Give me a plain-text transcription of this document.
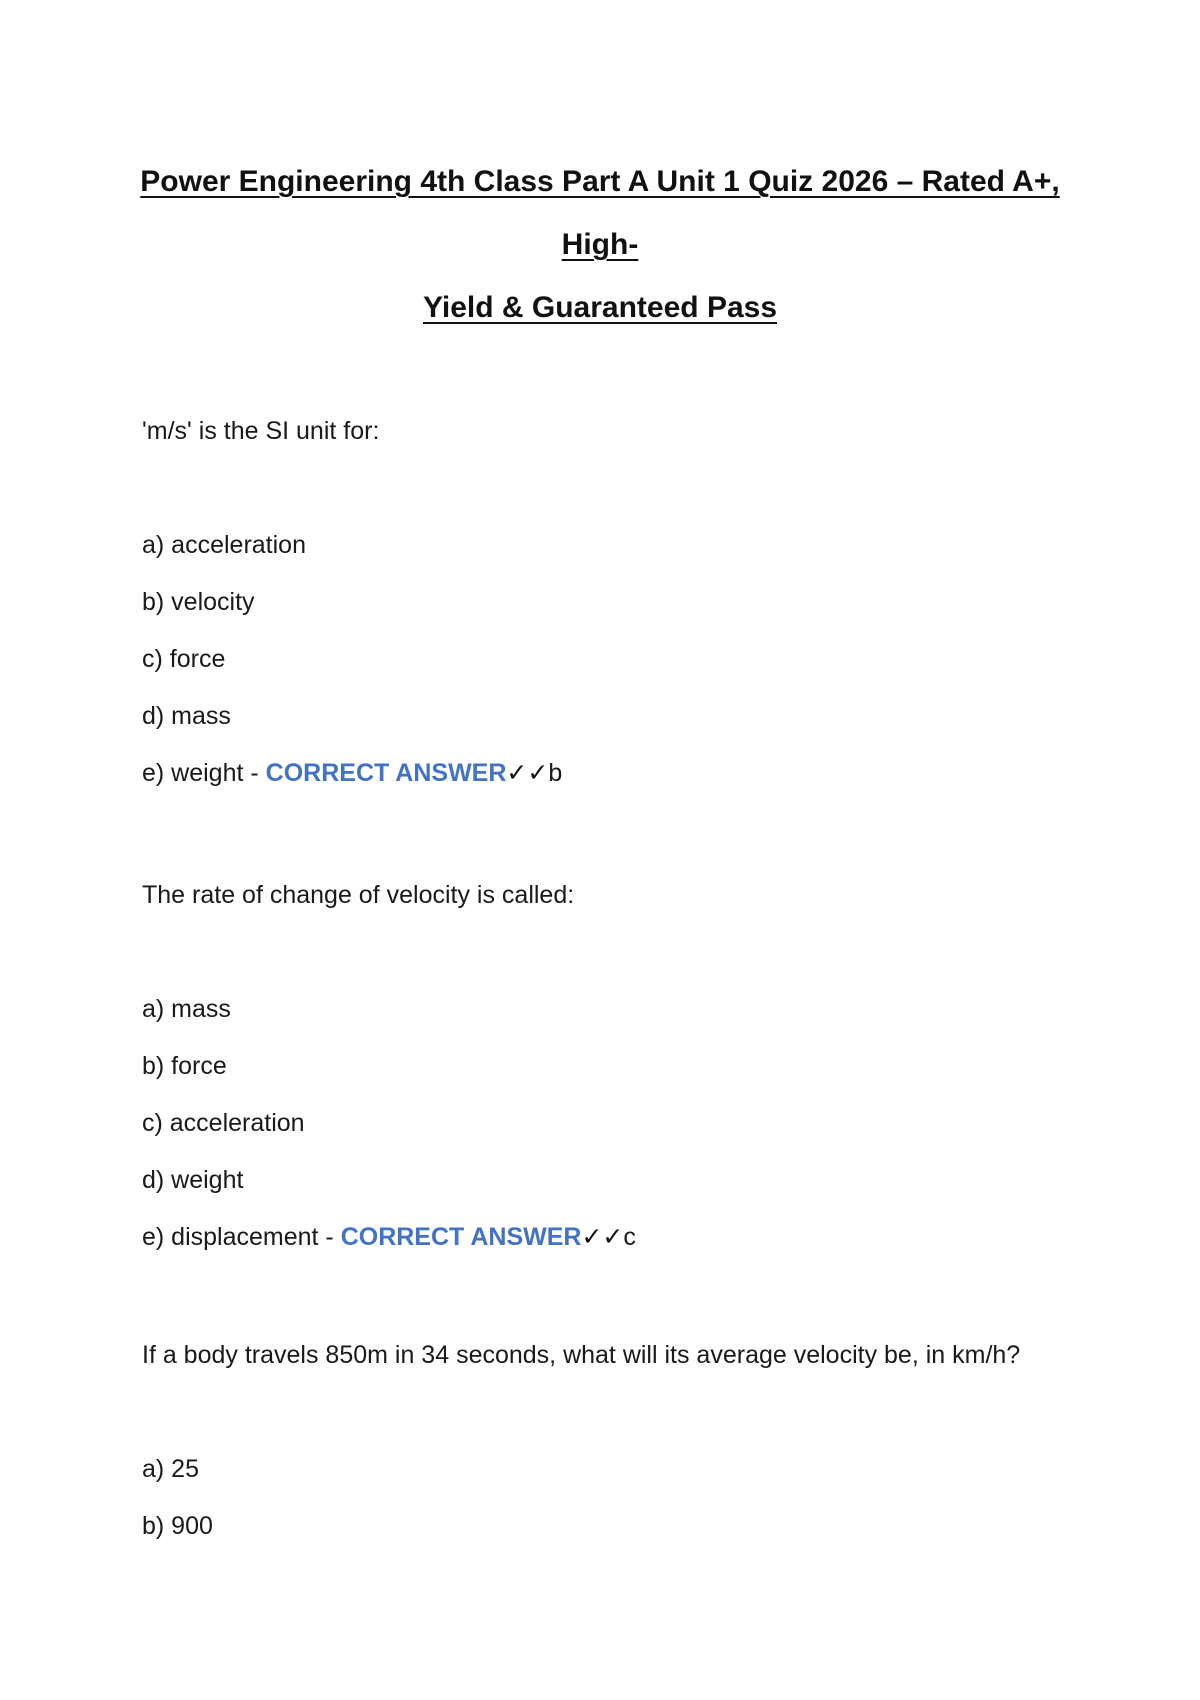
Power Engineering 4th Class Part A Unit 1 Quiz 2026 – Rated A+, High-
Yield & Guaranteed Pass

'm/s' is the SI unit for:

a) acceleration

b) velocity

c) force

d) mass

e) weight - CORRECT ANSWER✓✓b

The rate of change of velocity is called:

a) mass

b) force

c) acceleration

d) weight

e) displacement - CORRECT ANSWER✓✓c

If a body travels 850m in 34 seconds, what will its average velocity be, in km/h?

a) 25

b) 900
